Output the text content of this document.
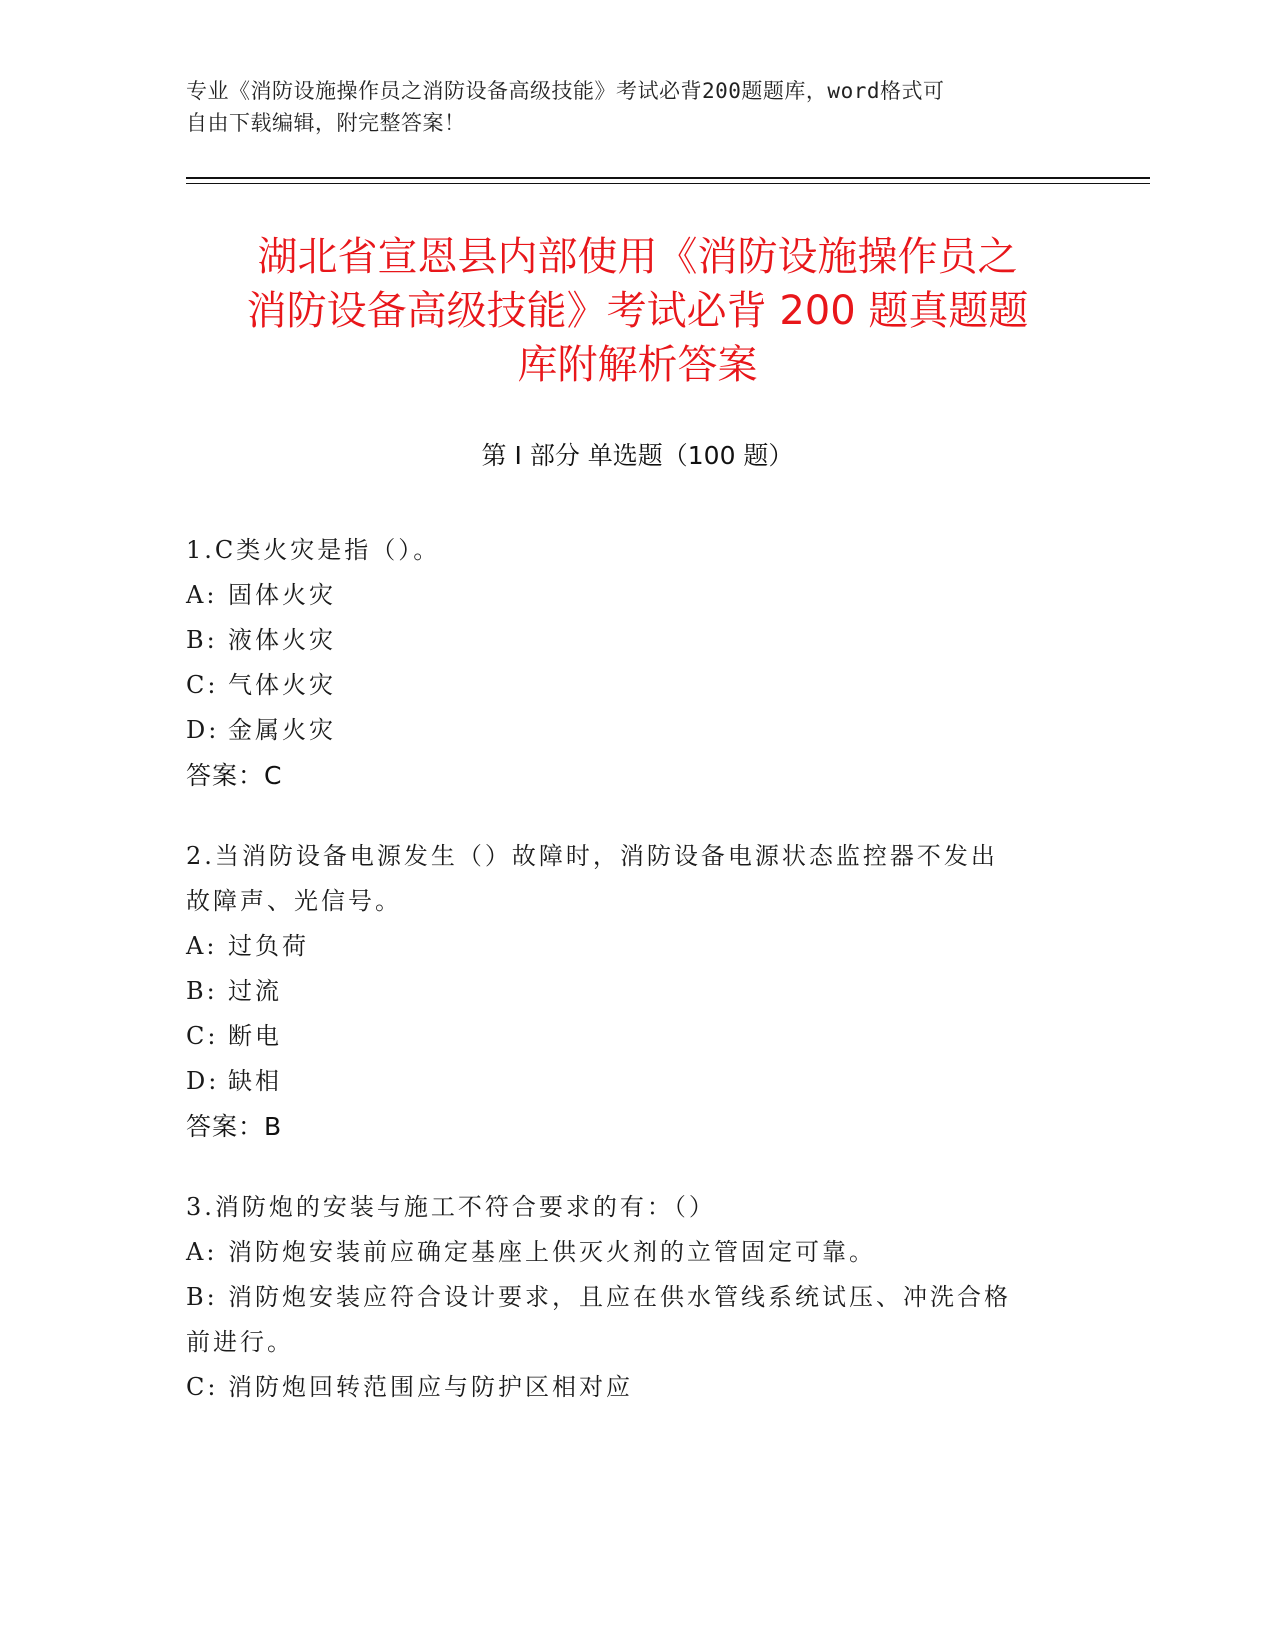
专业《消防设施操作员之消防设备高级技能》考试必背200题题库，word格式可
自由下载编辑，附完整答案！
湖北省宣恩县内部使用《消防设施操作员之
消防设备高级技能》考试必背 200 题真题题
库附解析答案
第 I 部分 单选题（100 题）
1.C类火灾是指（）。
A: 固体火灾
B: 液体火灾
C: 气体火灾
D: 金属火灾
答案：C
2.当消防设备电源发生（）故障时，消防设备电源状态监控器不发出
故障声、光信号。
A: 过负荷
B: 过流
C: 断电
D: 缺相
答案：B
3.消防炮的安装与施工不符合要求的有：（）
A: 消防炮安装前应确定基座上供灭火剂的立管固定可靠。
B: 消防炮安装应符合设计要求，且应在供水管线系统试压、冲洗合格
前进行。
C: 消防炮回转范围应与防护区相对应
